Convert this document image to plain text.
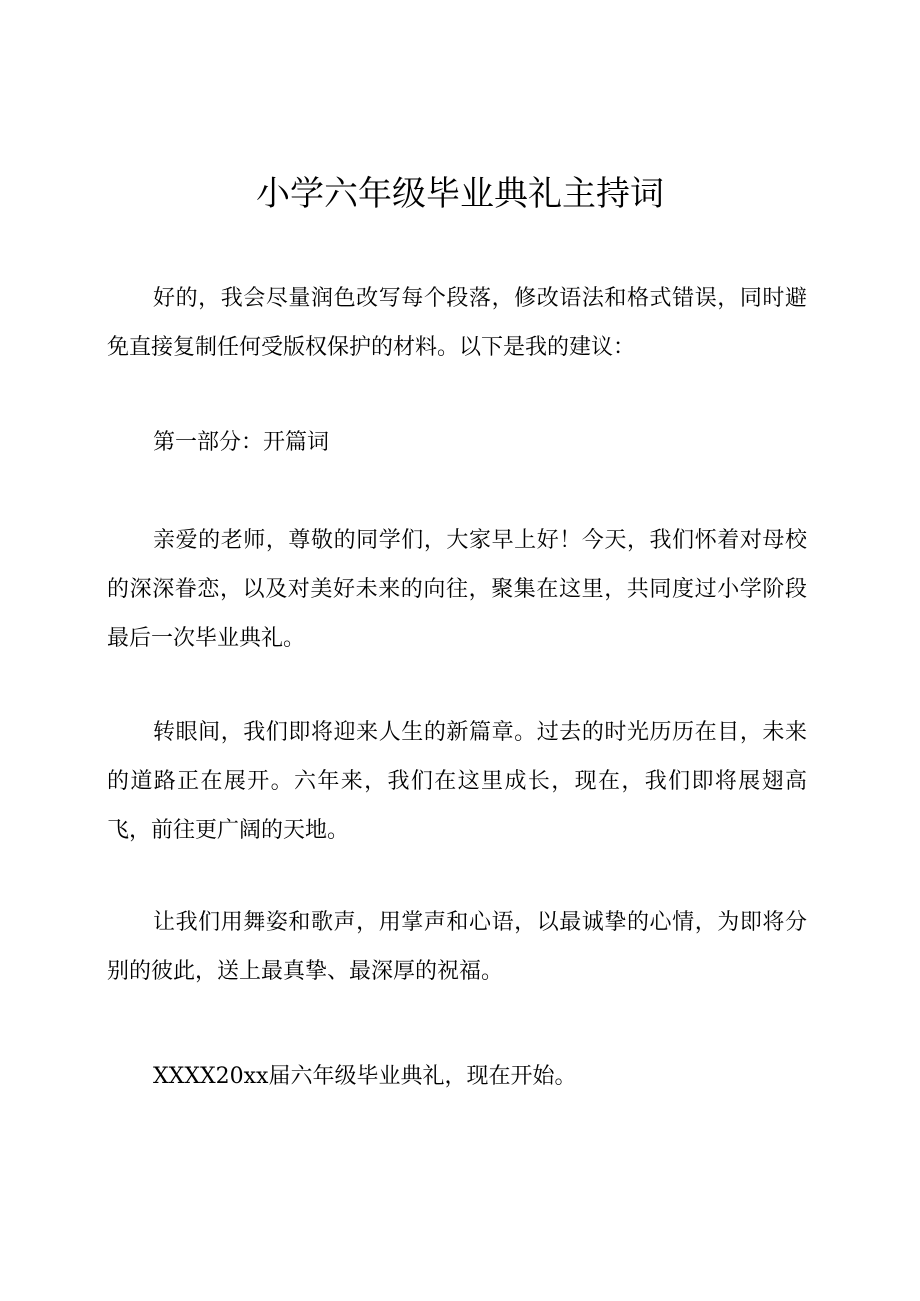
小学六年级毕业典礼主持词

好的，我会尽量润色改写每个段落，修改语法和格式错误，同时避免直接复制任何受版权保护的材料。以下是我的建议：

第一部分：开篇词

亲爱的老师，尊敬的同学们，大家早上好！今天，我们怀着对母校的深深眷恋，以及对美好未来的向往，聚集在这里，共同度过小学阶段最后一次毕业典礼。

转眼间，我们即将迎来人生的新篇章。过去的时光历历在目，未来的道路正在展开。六年来，我们在这里成长，现在，我们即将展翅高飞，前往更广阔的天地。

让我们用舞姿和歌声，用掌声和心语，以最诚挚的心情，为即将分别的彼此，送上最真挚、最深厚的祝福。

XXXX20xx届六年级毕业典礼，现在开始。
